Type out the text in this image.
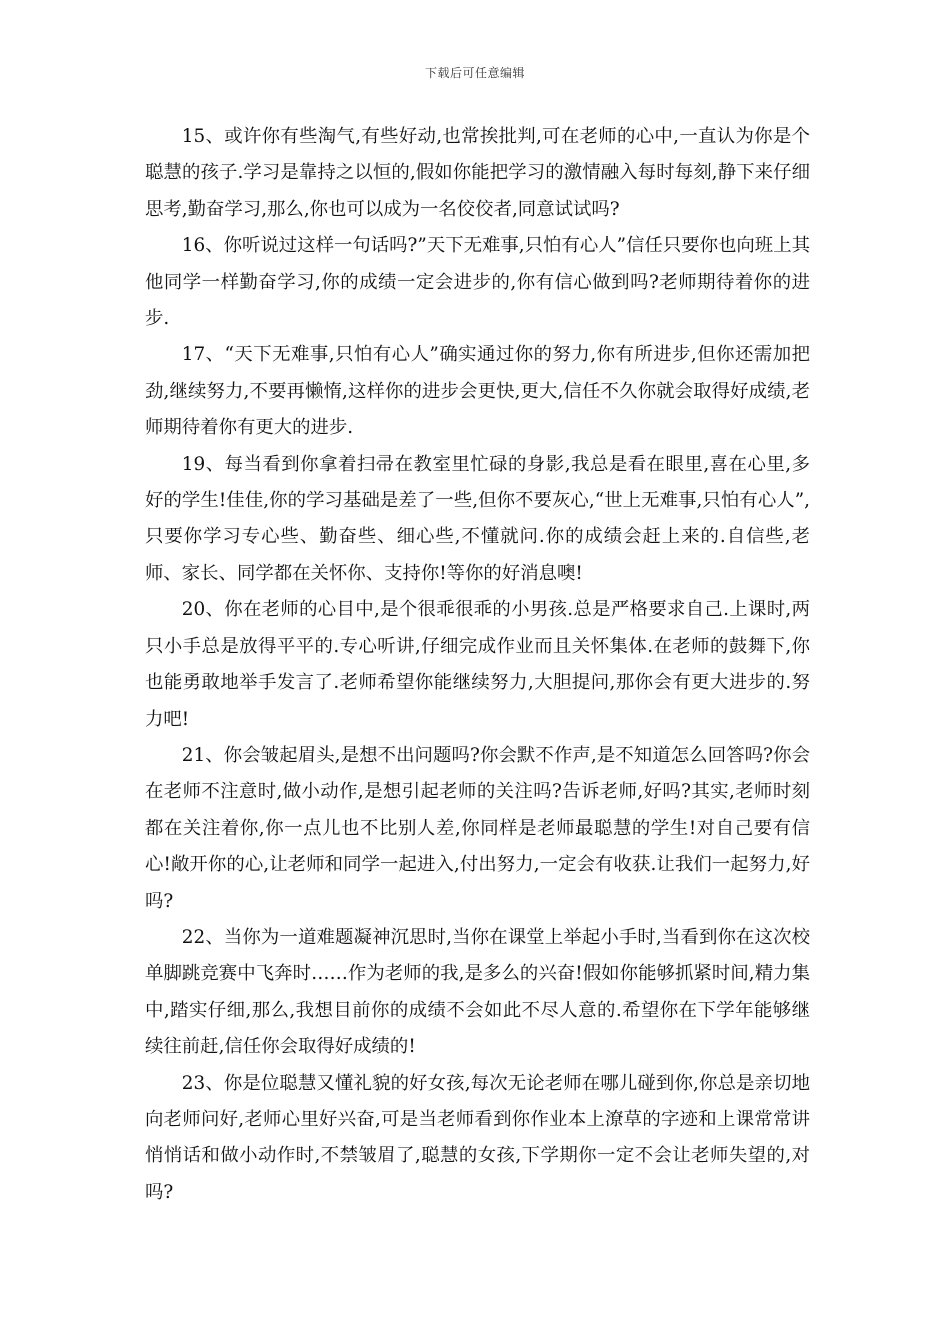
下载后可任意编辑

15、或许你有些淘气,有些好动,也常挨批判,可在老师的心中,一直认为你是个聪慧的孩子.学习是靠持之以恒的,假如你能把学习的激情融入每时每刻,静下来仔细思考,勤奋学习,那么,你也可以成为一名佼佼者,同意试试吗?

16、你听说过这样一句话吗?”天下无难事,只怕有心人”信任只要你也向班上其他同学一样勤奋学习,你的成绩一定会进步的,你有信心做到吗?老师期待着你的进步.

17、“天下无难事,只怕有心人”确实通过你的努力,你有所进步,但你还需加把劲,继续努力,不要再懒惰,这样你的进步会更快,更大,信任不久你就会取得好成绩,老师期待着你有更大的进步.

19、每当看到你拿着扫帚在教室里忙碌的身影,我总是看在眼里,喜在心里,多好的学生!佳佳,你的学习基础是差了一些,但你不要灰心,“世上无难事,只怕有心人”,只要你学习专心些、勤奋些、细心些,不懂就问.你的成绩会赶上来的.自信些,老师、家长、同学都在关怀你、支持你!等你的好消息噢!

20、你在老师的心目中,是个很乖很乖的小男孩.总是严格要求自己.上课时,两只小手总是放得平平的.专心听讲,仔细完成作业而且关怀集体.在老师的鼓舞下,你也能勇敢地举手发言了.老师希望你能继续努力,大胆提问,那你会有更大进步的.努力吧!

21、你会皱起眉头,是想不出问题吗?你会默不作声,是不知道怎么回答吗?你会在老师不注意时,做小动作,是想引起老师的关注吗?告诉老师,好吗?其实,老师时刻都在关注着你,你一点儿也不比别人差,你同样是老师最聪慧的学生!对自己要有信心!敞开你的心,让老师和同学一起进入,付出努力,一定会有收获.让我们一起努力,好吗?

22、当你为一道难题凝神沉思时,当你在课堂上举起小手时,当看到你在这次校单脚跳竞赛中飞奔时……作为老师的我,是多么的兴奋!假如你能够抓紧时间,精力集中,踏实仔细,那么,我想目前你的成绩不会如此不尽人意的.希望你在下学年能够继续往前赶,信任你会取得好成绩的!

23、你是位聪慧又懂礼貌的好女孩,每次无论老师在哪儿碰到你,你总是亲切地向老师问好,老师心里好兴奋,可是当老师看到你作业本上潦草的字迹和上课常常讲悄悄话和做小动作时,不禁皱眉了,聪慧的女孩,下学期你一定不会让老师失望的,对吗?
